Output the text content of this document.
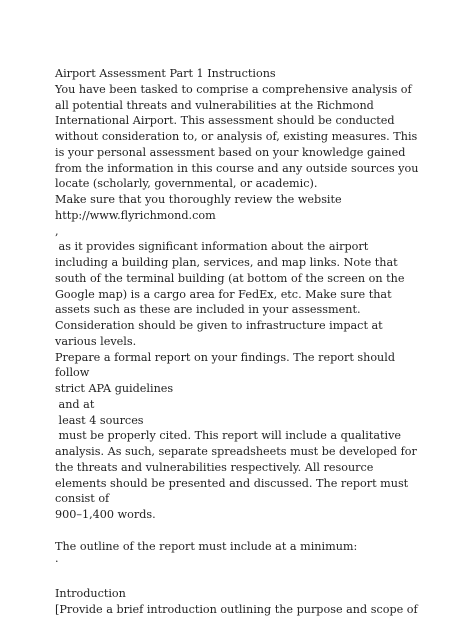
Airport Assessment Part 1 Instructions
You have been tasked to comprise a comprehensive analysis of
all potential threats and vulnerabilities at the Richmond
International Airport. This assessment should be conducted
without consideration to, or analysis of, existing measures. This
is your personal assessment based on your knowledge gained
from the information in this course and any outside sources you
locate (scholarly, governmental, or academic).
Make sure that you thoroughly review the website
http://www.flyrichmond.com
,
as it provides significant information about the airport
including a building plan, services, and map links. Note that
south of the terminal building (at bottom of the screen on the
Google map) is a cargo area for FedEx, etc. Make sure that
assets such as these are included in your assessment.
Consideration should be given to infrastructure impact at
various levels.
Prepare a formal report on your findings. The report should
follow
strict APA guidelines
and at
least 4 sources
must be properly cited. This report will include a qualitative
analysis. As such, separate spreadsheets must be developed for
the threats and vulnerabilities respectively. All resource
elements should be presented and discussed. The report must
consist of
900–1,400 words.
The outline of the report must include at a minimum:
·
Introduction
[Provide a brief introduction outlining the purpose and scope of
